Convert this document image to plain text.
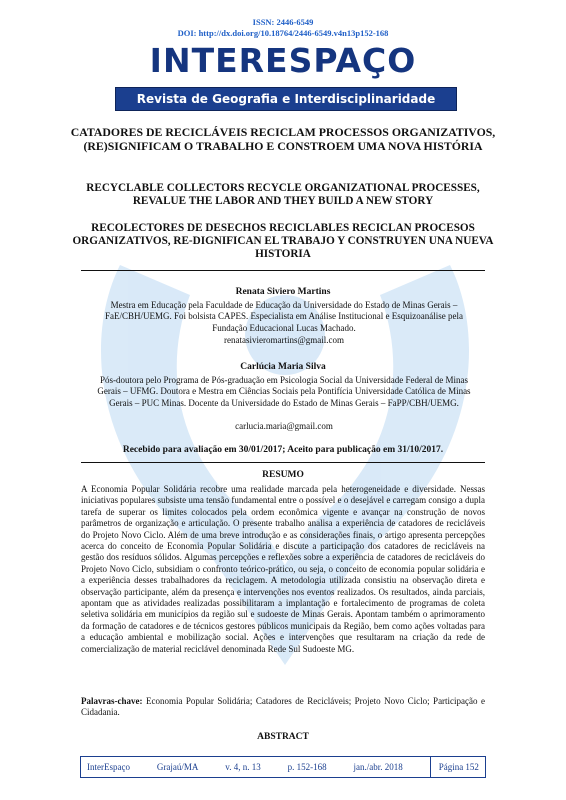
ISSN: 2446-6549
DOI: http://dx.doi.org/10.18764/2446-6549.v4n13p152-168
INTERESPAÇO
Revista de Geografia e Interdisciplinaridade
CATADORES DE RECICLÁVEIS RECICLAM PROCESSOS ORGANIZATIVOS, (RE)SIGNIFICAM O TRABALHO E CONSTROEM UMA NOVA HISTÓRIA
RECYCLABLE COLLECTORS RECYCLE ORGANIZATIONAL PROCESSES, REVALUE THE LABOR AND THEY BUILD A NEW STORY
RECOLECTORES DE DESECHOS RECICLABLES RECICLAN PROCESOS ORGANIZATIVOS, RE-DIGNIFICAN EL TRABAJO Y CONSTRUYEN UNA NUEVA HISTORIA
Renata Siviero Martins
Mestra em Educação pela Faculdade de Educação da Universidade do Estado de Minas Gerais – FaE/CBH/UEMG. Foi bolsista CAPES. Especialista em Análise Institucional e Esquizoanálise pela Fundação Educacional Lucas Machado.
renatasivieromartins@gmail.com
Carlúcia Maria Silva
Pós-doutora pelo Programa de Pós-graduação em Psicologia Social da Universidade Federal de Minas Gerais – UFMG. Doutora e Mestra em Ciências Sociais pela Pontifícia Universidade Católica de Minas Gerais – PUC Minas. Docente da Universidade do Estado de Minas Gerais – FaPP/CBH/UEMG.
carlucia.maria@gmail.com
Recebido para avaliação em 30/01/2017; Aceito para publicação em 31/10/2017.
RESUMO
A Economia Popular Solidária recobre uma realidade marcada pela heterogeneidade e diversidade. Nessas iniciativas populares subsiste uma tensão fundamental entre o possível e o desejável e carregam consigo a dupla tarefa de superar os limites colocados pela ordem econômica vigente e avançar na construção de novos parâmetros de organização e articulação. O presente trabalho analisa a experiência de catadores de recicláveis do Projeto Novo Ciclo. Além de uma breve introdução e as considerações finais, o artigo apresenta percepções acerca do conceito de Economia Popular Solidária e discute a participação dos catadores de recicláveis na gestão dos resíduos sólidos. Algumas percepções e reflexões sobre a experiência de catadores de recicláveis do Projeto Novo Ciclo, subsidiam o confronto teórico-prático, ou seja, o conceito de economia popular solidária e a experiência desses trabalhadores da reciclagem. A metodologia utilizada consistiu na observação direta e observação participante, além da presença e intervenções nos eventos realizados. Os resultados, ainda parciais, apontam que as atividades realizadas possibilitaram a implantação e fortalecimento de programas de coleta seletiva solidária em municípios da região sul e sudoeste de Minas Gerais. Apontam também o aprimoramento da formação de catadores e de técnicos gestores públicos municipais da Região, bem como ações voltadas para a educação ambiental e mobilização social. Ações e intervenções que resultaram na criação da rede de comercialização de material reciclável denominada Rede Sul Sudoeste MG.
Palavras-chave: Economia Popular Solidária; Catadores de Recicláveis; Projeto Novo Ciclo; Participação e Cidadania.
ABSTRACT
InterEspaço	Grajaú/MA	v. 4, n. 13	p. 152-168	jan./abr. 2018	Página 152
